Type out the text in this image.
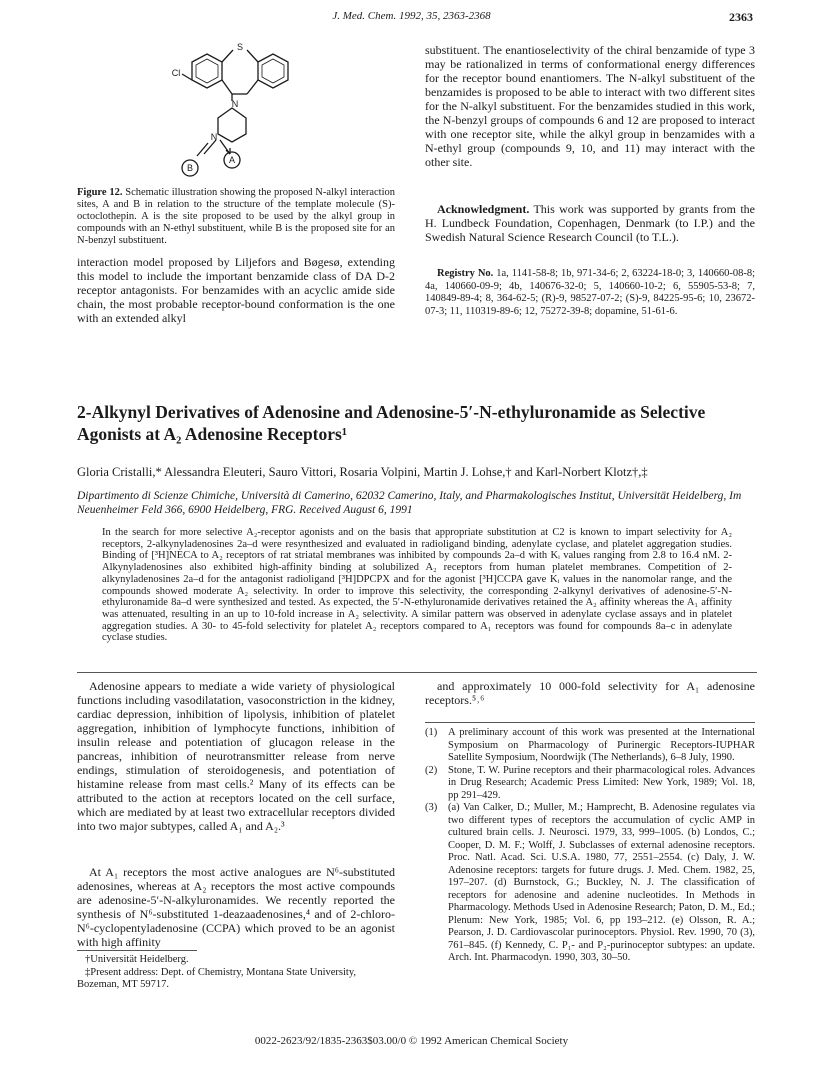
J. Med. Chem. 1992, 35, 2363-2368	2363
S
Cl
N
N
A
B
Figure 12. Schematic illustration showing the proposed N-alkyl interaction sites, A and B in relation to the structure of the template molecule (S)-octoclothepin. A is the site proposed to be used by the alkyl group in compounds with an N-ethyl substituent, while B is the proposed site for an N-benzyl substituent.
interaction model proposed by Liljefors and Bøgesø, extending this model to include the important benzamide class of DA D-2 receptor antagonists. For benzamides with an acyclic amide side chain, the most probable receptor-bound conformation is the one with an extended alkyl
substituent. The enantioselectivity of the chiral benzamide of type 3 may be rationalized in terms of conformational energy differences for the receptor bound enantiomers. The N-alkyl substituent of the benzamides is proposed to be able to interact with two different sites for the N-alkyl substituent. For the benzamides studied in this work, the N-benzyl groups of compounds 6 and 12 are proposed to interact with one receptor site, while the alkyl group in benzamides with a N-ethyl group (compounds 9, 10, and 11) may interact with the other site.
Acknowledgment. This work was supported by grants from the H. Lundbeck Foundation, Copenhagen, Denmark (to I.P.) and the Swedish Natural Science Research Council (to T.L.).
Registry No. 1a, 1141-58-8; 1b, 971-34-6; 2, 63224-18-0; 3, 140660-08-8; 4a, 140660-09-9; 4b, 140676-32-0; 5, 140660-10-2; 6, 55905-53-8; 7, 140849-89-4; 8, 364-62-5; (R)-9, 98527-07-2; (S)-9, 84225-95-6; 10, 23672-07-3; 11, 110319-89-6; 12, 75272-39-8; dopamine, 51-61-6.
2-Alkynyl Derivatives of Adenosine and Adenosine-5′-N-ethyluronamide as Selective Agonists at A₂ Adenosine Receptors¹
Gloria Cristalli,* Alessandra Eleuteri, Sauro Vittori, Rosaria Volpini, Martin J. Lohse,† and Karl-Norbert Klotz†,‡
Dipartimento di Scienze Chimiche, Università di Camerino, 62032 Camerino, Italy, and Pharmakologisches Institut, Universität Heidelberg, Im Neuenheimer Feld 366, 6900 Heidelberg, FRG. Received August 6, 1991
In the search for more selective A₂-receptor agonists and on the basis that appropriate substitution at C2 is known to impart selectivity for A₂ receptors, 2-alkynyladenosines 2a–d were resynthesized and evaluated in radioligand binding, adenylate cyclase, and platelet aggregation studies. Binding of [³H]NECA to A₂ receptors of rat striatal membranes was inhibited by compounds 2a–d with Kᵢ values ranging from 2.8 to 16.4 nM. 2-Alkynyladenosines also exhibited high-affinity binding at solubilized A₂ receptors from human platelet membranes. Competition of 2-alkynyladenosines 2a–d for the antagonist radioligand [³H]DPCPX and for the agonist [³H]CCPA gave Kᵢ values in the nanomolar range, and the compounds showed moderate A₂ selectivity. In order to improve this selectivity, the corresponding 2-alkynyl derivatives of adenosine-5′-N-ethyluronamide 8a–d were synthesized and tested. As expected, the 5′-N-ethyluronamide derivatives retained the A₂ affinity whereas the A₁ affinity was attenuated, resulting in an up to 10-fold increase in A₂ selectivity. A similar pattern was observed in adenylate cyclase assays and in platelet aggregation studies. A 30- to 45-fold selectivity for platelet A₂ receptors compared to A₁ receptors was found for compounds 8a–c in adenylate cyclase studies.
Adenosine appears to mediate a wide variety of physiological functions including vasodilatation, vasoconstriction in the kidney, cardiac depression, inhibition of lipolysis, inhibition of platelet aggregation, inhibition of lymphocyte functions, inhibition of insulin release and potentiation of glucagon release in the pancreas, inhibition of neurotransmitter release from nerve endings, stimulation of steroidogenesis, and potentiation of histamine release from mast cells.² Many of its effects can be attributed to the action at receptors located on the cell surface, which are mediated by at least two extracellular receptors divided into two major subtypes, called A₁ and A₂.³
At A₁ receptors the most active analogues are N⁶-substituted adenosines, whereas at A₂ receptors the most active compounds are adenosine-5′-N-alkyluronamides. We recently reported the synthesis of N⁶-substituted 1-deazaadenosines,⁴ and of 2-chloro-N⁶-cyclopentyladenosine (CCPA) which proved to be an agonist with high affinity

†Universität Heidelberg.

‡Present address: Dept. of Chemistry, Montana State University, Bozeman, MT 59717.

and approximately 10 000-fold selectivity for A₁ adenosine receptors.⁵˒⁶

(1) A preliminary account of this work was presented at the International Symposium on Pharmacology of Purinergic Receptors-IUPHAR Satellite Symposium, Noordwijk (The Netherlands), 6–8 July, 1990.

(2) Stone, T. W. Purine receptors and their pharmacological roles. Advances in Drug Research; Academic Press Limited: New York, 1989; Vol. 18, pp 291–429.

(3) (a) Van Calker, D.; Muller, M.; Hamprecht, B. Adenosine regulates via two different types of receptors the accumulation of cyclic AMP in cultured brain cells. J. Neurosci. 1979, 33, 999–1005. (b) Londos, C.; Cooper, D. M. F.; Wolff, J. Subclasses of external adenosine receptors. Proc. Natl. Acad. Sci. U.S.A. 1980, 77, 2551–2554. (c) Daly, J. W. Adenosine receptors: targets for future drugs. J. Med. Chem. 1982, 25, 197–207. (d) Burnstock, G.; Buckley, N. J. The classification of receptors for adenosine and adenine nucleotides. In Methods in Pharmacology. Methods Used in Adenosine Research; Paton, D. M., Ed.; Plenum: New York, 1985; Vol. 6, pp 193–212. (e) Olsson, R. A.; Pearson, J. D. Cardiovascolar purinoceptors. Physiol. Rev. 1990, 70 (3), 761–845. (f) Kennedy, C. P₁- and P₂-purinoceptor subtypes: an update. Arch. Int. Pharmacodyn. 1990, 303, 30–50.

0022-2623/92/1835-2363$03.00/0 © 1992 American Chemical Society
